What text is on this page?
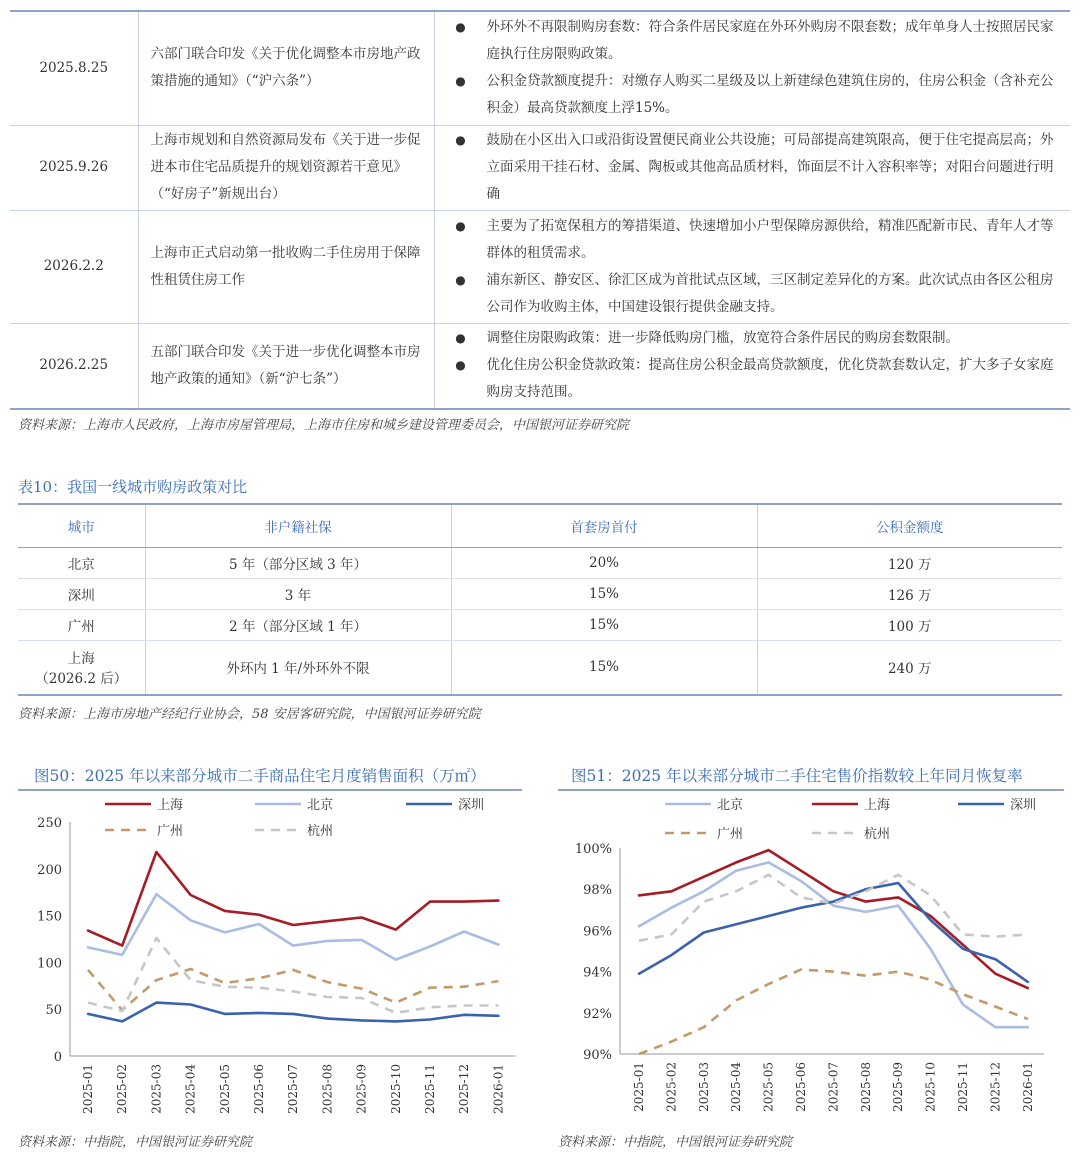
2025.8.25	六部门联合印发《关于优化调整本市房地产政策措施的通知》（“沪六条”）	● 外环外不再限制购房套数：符合条件居民家庭在外环外购房不限套数；成年单身人士按照居民家庭执行住房限购政策。
● 公积金贷款额度提升：对缴存人购买二星级及以上新建绿色建筑住房的，住房公积金（含补充公积金）最高贷款额度上浮15%。

2025.9.26	上海市规划和自然资源局发布《关于进一步促进本市住宅品质提升的规划资源若干意见》（“好房子”新规出台）	● 鼓励在小区出入口或沿街设置便民商业公共设施；可局部提高建筑限高，便于住宅提高层高；外立面采用干挂石材、金属、陶板或其他高品质材料，饰面层不计入容积率等；对阳台问题进行明确

2026.2.2	上海市正式启动第一批收购二手住房用于保障性租赁住房工作	● 主要为了拓宽保租方的筹措渠道、快速增加小户型保障房源供给，精准匹配新市民、青年人才等群体的租赁需求。
● 浦东新区、静安区、徐汇区成为首批试点区域，三区制定差异化的方案。此次试点由各区公租房公司作为收购主体，中国建设银行提供金融支持。

2026.2.25	五部门联合印发《关于进一步优化调整本市房地产政策的通知》（新“沪七条”）	● 调整住房限购政策：进一步降低购房门槛，放宽符合条件居民的购房套数限制。
● 优化住房公积金贷款政策：提高住房公积金最高贷款额度，优化贷款套数认定，扩大多子女家庭购房支持范围。
资料来源：上海市人民政府，上海市房屋管理局，上海市住房和城乡建设管理委员会，中国银河证券研究院
表10：我国一线城市购房政策对比
城市	非户籍社保	首套房首付	公积金额度
北京	5 年（部分区域 3 年）	20%	120 万
深圳	3 年	15%	126 万
广州	2 年（部分区域 1 年）	15%	100 万
上海
（2026.2 后）	外环内 1 年/外环外不限	15%	240 万
资料来源：上海市房地产经纪行业协会，58 安居客研究院，中国银河证券研究院
图50：2025 年以来部分城市二手商品住宅月度销售面积（万㎡）
0
50
100
150
200
250
2025-01 2025-02 2025-03 2025-04 2025-05 2025-06 2025-07 2025-08 2025-09 2025-10 2025-11 2025-12 2026-01
上海	北京	深圳
广州	杭州
资料来源：中指院，中国银河证券研究院
图51：2025 年以来部分城市二手住宅售价指数较上年同月恢复率
90%
92%
94%
96%
98%
100%
2025-01 2025-02 2025-03 2025-04 2025-05 2025-06 2025-07 2025-08 2025-09 2025-10 2025-11 2025-12 2026-01
北京	上海	深圳
广州	杭州
资料来源：中指院，中国银河证券研究院
